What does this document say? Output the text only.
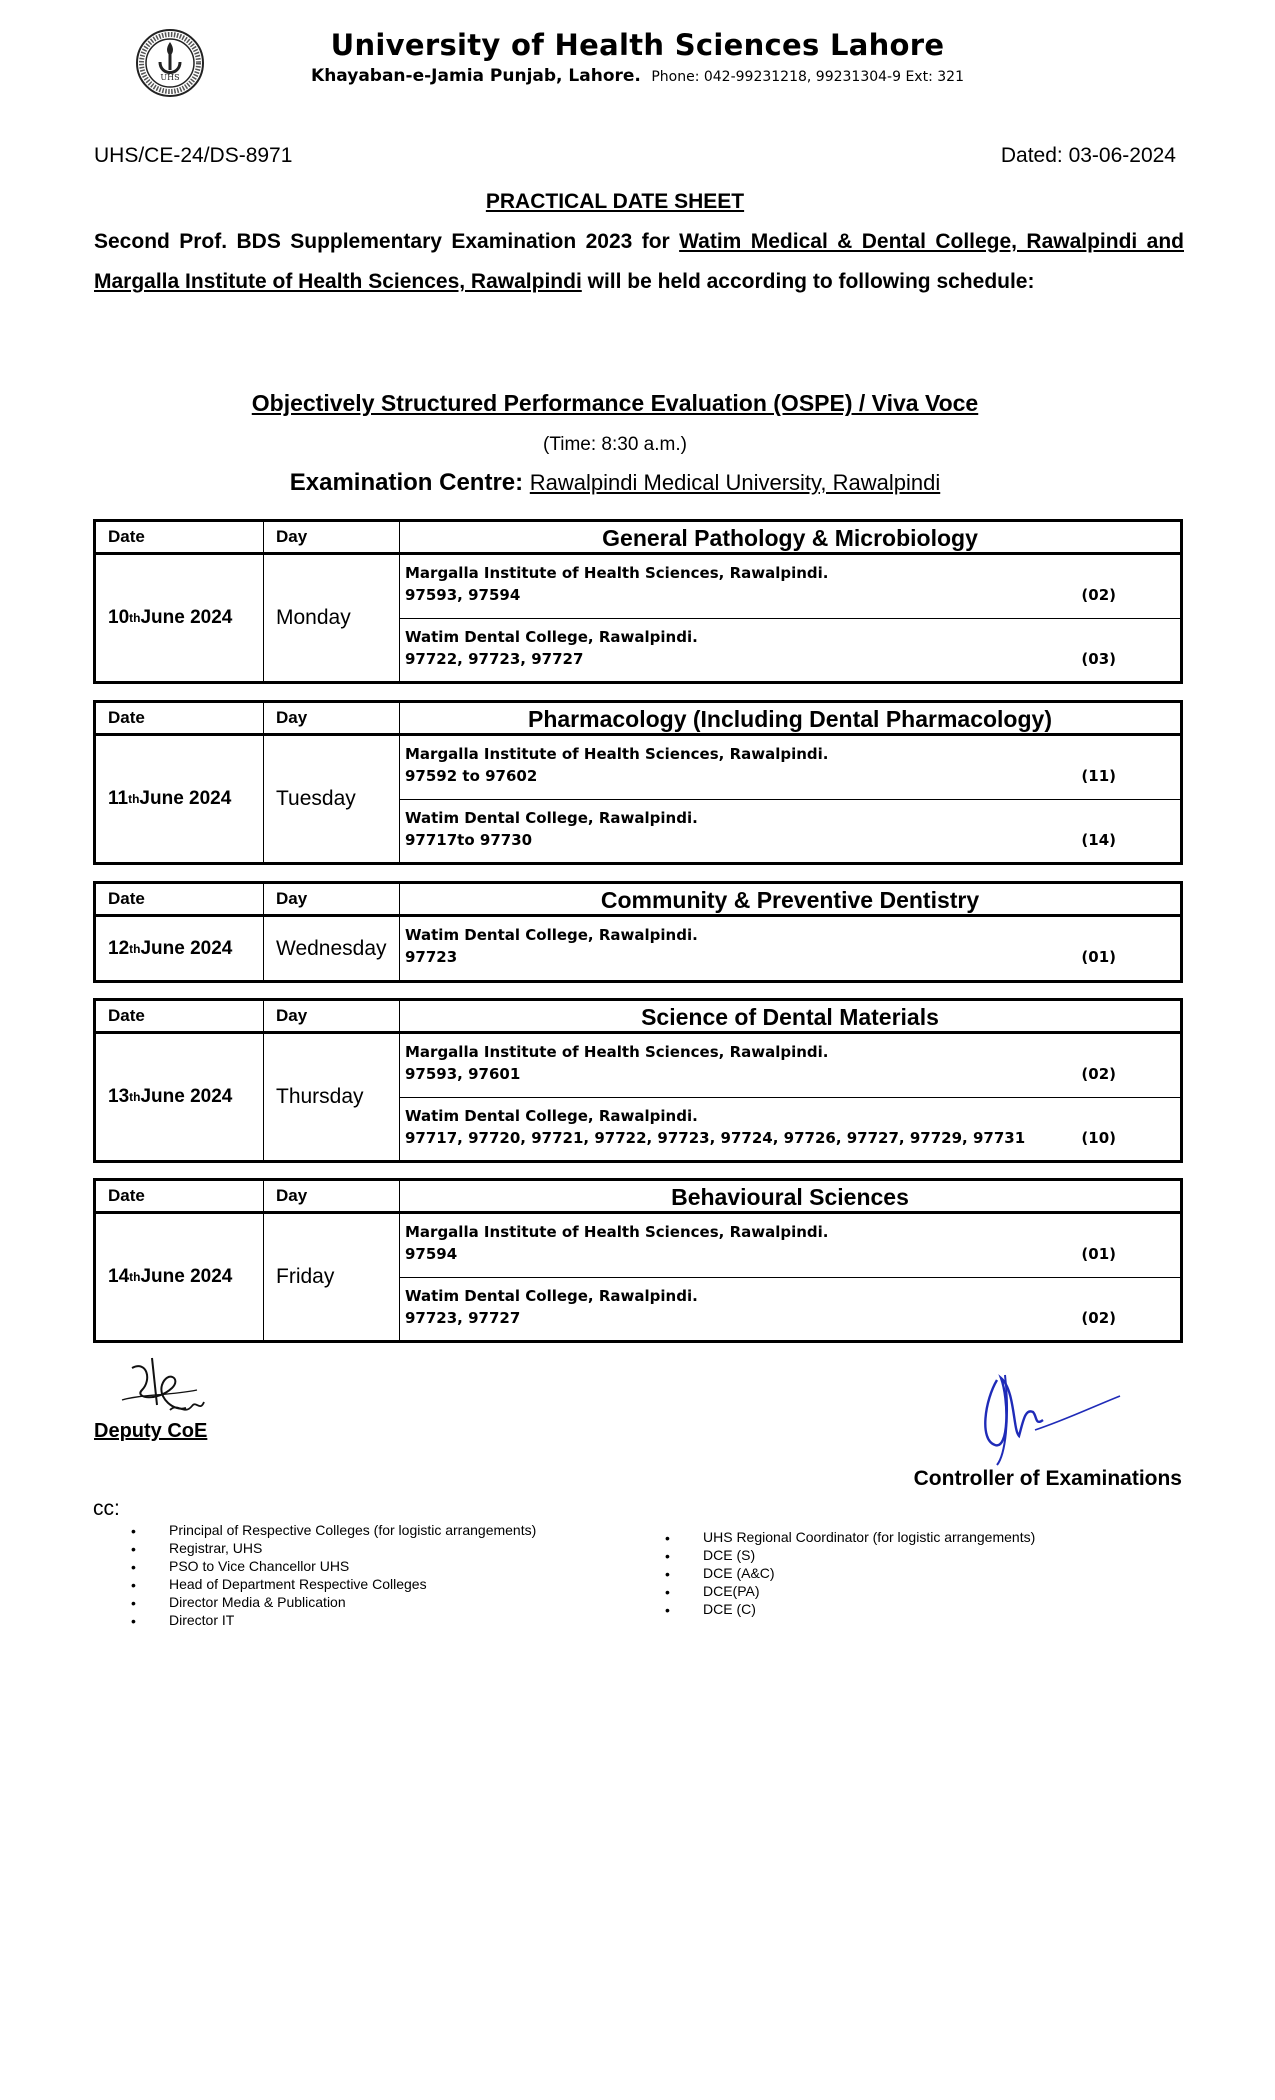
UHS
University of Health Sciences Lahore
Khayaban-e-Jamia Punjab, Lahore. Phone: 042-99231218, 99231304-9 Ext: 321
UHS/CE-24/DS-8971	Dated: 03-06-2024
PRACTICAL DATE SHEET
Second Prof. BDS Supplementary Examination 2023 for Watim Medical & Dental College, Rawalpindi and Margalla Institute of Health Sciences, Rawalpindi will be held according to following schedule:
Objectively Structured Performance Evaluation (OSPE) / Viva Voce
(Time: 8:30 a.m.)
Examination Centre: Rawalpindi Medical University, Rawalpindi
Date	Day	General Pathology & Microbiology
10 th June 2024	Monday
Margalla Institute of Health Sciences, Rawalpindi.
97593, 97594	(02)
Watim Dental College, Rawalpindi.
97722, 97723, 97727	(03)
Date	Day	Pharmacology (Including Dental Pharmacology)
11 th June 2024	Tuesday
Margalla Institute of Health Sciences, Rawalpindi.
97592 to 97602	(11)
Watim Dental College, Rawalpindi.
97717to 97730	(14)
Date	Day	Community & Preventive Dentistry
12 th June 2024	Wednesday
Watim Dental College, Rawalpindi.
97723	(01)
Date	Day	Science of Dental Materials
13 th June 2024	Thursday
Margalla Institute of Health Sciences, Rawalpindi.
97593, 97601	(02)
Watim Dental College, Rawalpindi.
97717, 97720, 97721, 97722, 97723, 97724, 97726, 97727, 97729, 97731	(10)
Date	Day	Behavioural Sciences
14 th June 2024	Friday
Margalla Institute of Health Sciences, Rawalpindi.
97594	(01)
Watim Dental College, Rawalpindi.
97723, 97727	(02)
Deputy CoE
Controller of Examinations
cc:
• Principal of Respective Colleges (for logistic arrangements)
• Registrar, UHS
• PSO to Vice Chancellor UHS
• Head of Department Respective Colleges
• Director Media & Publication
• Director IT
• UHS Regional Coordinator (for logistic arrangements)
• DCE (S)
• DCE (A&C)
• DCE(PA)
• DCE (C)
